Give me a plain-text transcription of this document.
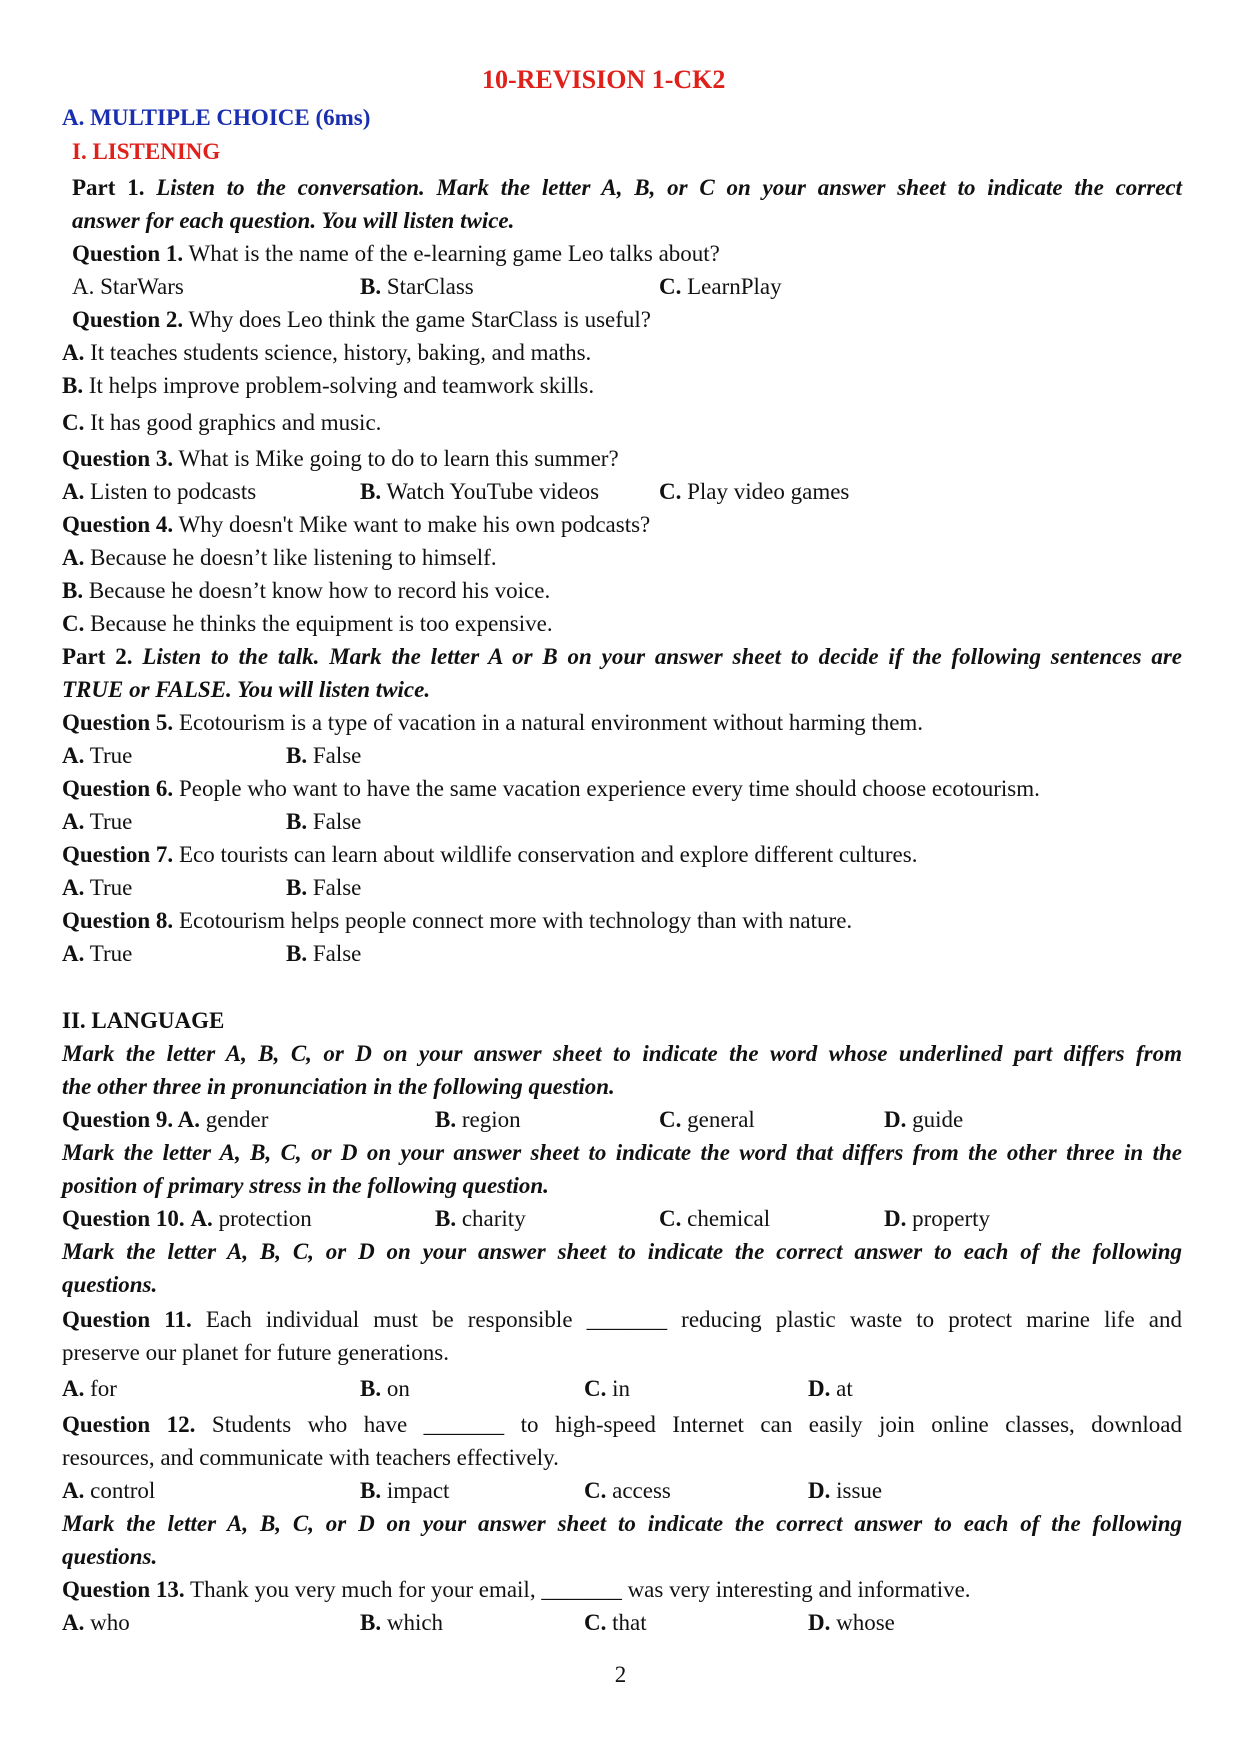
10-REVISION 1-CK2
A. MULTIPLE CHOICE (6ms)
I. LISTENING
Part 1. Listen to the conversation. Mark the letter A, B, or C on your answer sheet to indicate the correct
answer for each question. You will listen twice.
Question 1. What is the name of the e-learning game Leo talks about?
A. StarWars	B. StarClass	C. LearnPlay
Question 2. Why does Leo think the game StarClass is useful?
A. It teaches students science, history, baking, and maths.
B. It helps improve problem-solving and teamwork skills.
C. It has good graphics and music.
Question 3. What is Mike going to do to learn this summer?
A. Listen to podcasts	B. Watch YouTube videos	C. Play video games
Question 4. Why doesn't Mike want to make his own podcasts?
A. Because he doesn’t like listening to himself.
B. Because he doesn’t know how to record his voice.
C. Because he thinks the equipment is too expensive.
Part 2. Listen to the talk. Mark the letter A or B on your answer sheet to decide if the following sentences are
TRUE or FALSE. You will listen twice.
Question 5. Ecotourism is a type of vacation in a natural environment without harming them.
A. True	B. False
Question 6. People who want to have the same vacation experience every time should choose ecotourism.
A. True	B. False
Question 7. Eco tourists can learn about wildlife conservation and explore different cultures.
A. True	B. False
Question 8. Ecotourism helps people connect more with technology than with nature.
A. True	B. False
II. LANGUAGE
Mark the letter A, B, C, or D on your answer sheet to indicate the word whose underlined part differs from
the other three in pronunciation in the following question.
Question 9. A. gender	B. region	C. general	D. guide
Mark the letter A, B, C, or D on your answer sheet to indicate the word that differs from the other three in the
position of primary stress in the following question.
Question 10. A. protection	B. charity	C. chemical	D. property
Mark the letter A, B, C, or D on your answer sheet to indicate the correct answer to each of the following
questions.
Question 11. Each individual must be responsible _______ reducing plastic waste to protect marine life and
preserve our planet for future generations.
A. for	B. on	C. in	D. at
Question 12. Students who have _______ to high-speed Internet can easily join online classes, download
resources, and communicate with teachers effectively.
A. control	B. impact	C. access	D. issue
Mark the letter A, B, C, or D on your answer sheet to indicate the correct answer to each of the following
questions.
Question 13. Thank you very much for your email, _______ was very interesting and informative.
A. who	B. which	C. that	D. whose
2
